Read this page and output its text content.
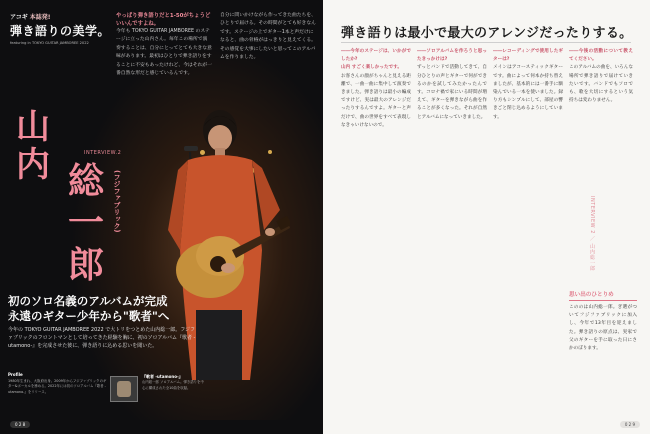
アコギ 本誌発!
弾き語りの美学。
featuring in TOKYO GUITAR JAMBOREE 2022
やっぱり弾き語りだと1-50がちょうどいいんですよね。
今年も TOKYO GUITAR JAMBOREE のステージに立った山内さん。毎年この場所で演奏することは、自分にとってとても大きな意味があります。最初はひとりで弾き語りをすることに不安もあったけれど、今はそれが一番自然な形だと感じているんです。
自分に問いかけながら作ってきた曲たちを、ひとりで届ける。その時間がとても好きなんです。ステージの上でギター1本と声だけになると、曲の骨格がはっきりと見えてくる。その感覚を大事にしたいと思ってこのアルバムを作りました。
山内	INTERVIEW.2
総一郎
(フジファブリック)

初のソロ名義のアルバムが完成

永遠のギター少年から"歌者"へ

今年の TOKYO GUITAR JAMBOREE 2022 で大トリをつとめた山内総一郎。フジファブリックのフロントマンとして培ってきた経験を胸に、初のソロアルバム『歌者 -utamono-』を完成させた彼に、弾き語りに込める思いを聞いた。
Profile
1980年生まれ、大阪府出身。2009年からフジファブリックのギター&ボーカルを務める。2022年には初のソロアルバム『歌者 -utamono-』をリリース。
『歌者 -utamono-』
山内総一郎 ソロアルバム。弾き語りを中心に構成された全10曲を収録。
0 2 8
弾き語りは最小で最大のアレンジだったりする。
――今年のステージは、いかがでしたか?
山内 すごく楽しかったです。
お客さんの顔がちゃんと見える距離で、一曲一曲に集中して演奏できました。弾き語りは最小の編成ですけど、実は最大のアレンジだったりするんですよ。ギターと声だけで、曲の世界をすべて表現しなきゃいけないので。
――ソロアルバムを作ろうと思ったきっかけは?
ずっとバンドで活動してきて、自分ひとりの声とギターで何ができるのかを試してみたかったんです。コロナ禍で家にいる時間が増えて、ギターを弾きながら曲を作ることが多くなった。それが自然とアルバムになっていきました。
――レコーディングで使用したギターは?
メインはアコースティックギターです。曲によって何本か持ち替えましたが、基本的には一番手に馴染んでいる一本を使いました。録り方もシンプルにして、部屋の響きごと閉じ込めるようにしています。
――今後の活動について教えてください。
このアルバムの曲を、いろんな場所で弾き語りで届けていきたいです。バンドでもソロでも、歌を大切にするという気持ちは変わりません。
INTERVIEW 2 ／ 山内総一郎
思い出のひとりめ
こののは山内総一郎。ぎ選がついてフジファブリックに加入し、今年で13年目を迎えました。弾き語りの原点は、実家で父のギターを手に取った日にさかのぼります。
0 2 9
